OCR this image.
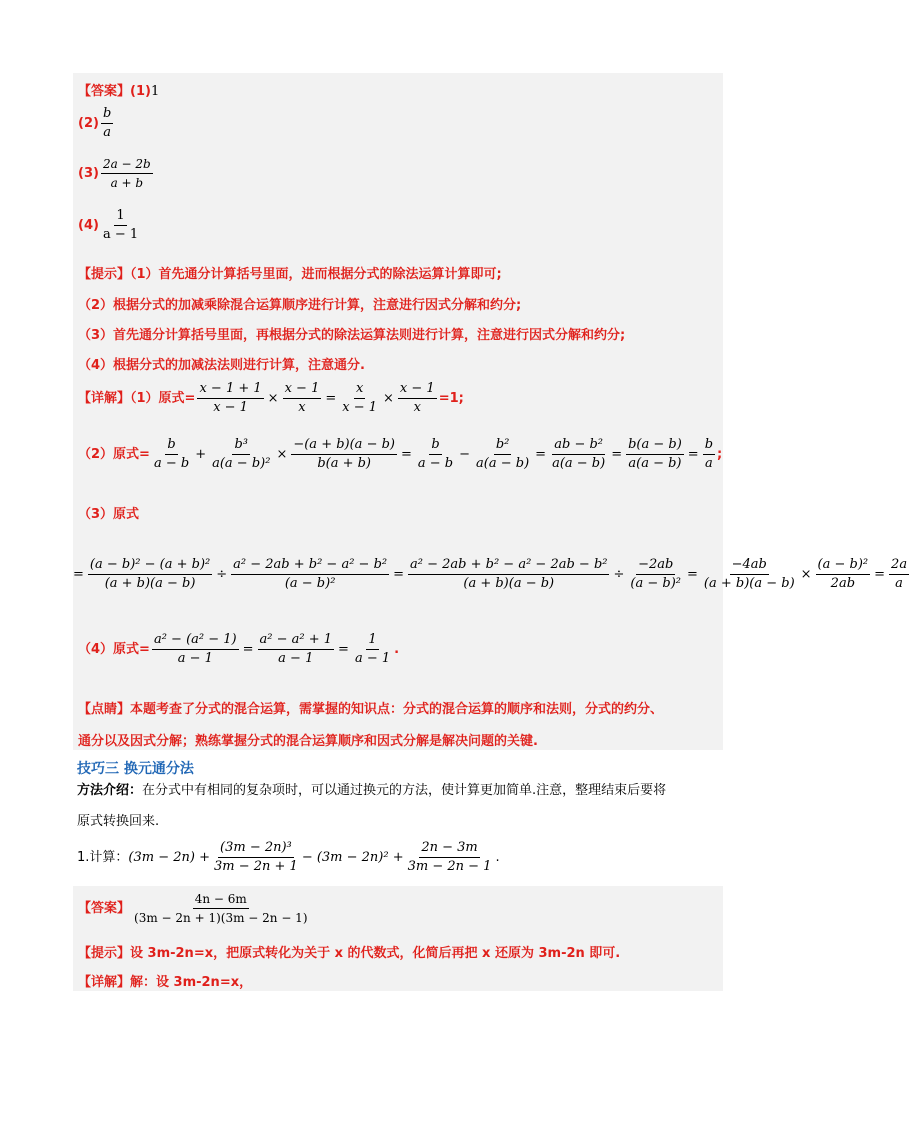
【答案】(1)1
$(2) \frac{b}{a}$
$(3) \frac{2a - 2b}{a + b}$
$(4) \frac{1}{a - 1}$
【提示】（1）首先通分计算括号里面，进而根据分式的除法运算计算即可;
（2）根据分式的加减乘除混合运算顺序进行计算，注意进行因式分解和约分;
（3）首先通分计算括号里面，再根据分式的除法运算法则进行计算，注意进行因式分解和约分;
（4）根据分式的加减法法则进行计算，注意通分.
【详解】（1）原式= $\frac{x - 1 + 1}{x - 1} \times \frac{x - 1}{x} = \frac{x}{x - 1} \times \frac{x - 1}{x} =1$;
（2）原式= $\frac{b}{a - b} + \frac{\text{b³}}{\text{a(a − b)²}} \times \frac{-(a + b)(a - b)}{b(a + b)} = \frac{b}{a - b} - \frac{\text{b²}}{a(a - b)} = \frac{\text{ab − b²}}{a(a - b)} = \frac{b(a - b)}{a(a - b)} = \frac{b}{a}$ ;
（3）原式
= $\frac{\text{(a − b)² − (a + b)²}}{(a + b)(a - b)} \div \frac{\text{a² − 2ab + b² − a² − b²}}{\text{(a − b)²}} = \frac{\text{a² − 2ab + b² − a² − 2ab − b²}}{(a + b)(a - b)} \div \frac{-2ab}{\text{(a − b)²}} = \frac{-4ab}{(a + b)(a - b)} \times \frac{\text{(a − b)²}}{2ab} = \frac{2a}{a}$
（4）原式= $\frac{\text{a² − (a² − 1)}}{a - 1} = \frac{\text{a² − a² + 1}}{a - 1} = \frac{1}{a - 1}$ .
【点睛】本题考查了分式的混合运算，需掌握的知识点：分式的混合运算的顺序和法则，分式的约分、
通分以及因式分解；熟练掌握分式的混合运算顺序和因式分解是解决问题的关键.
技巧三 换元通分法
方法介绍：在分式中有相同的复杂项时，可以通过换元的方法，使计算更加简单.注意，整理结束后要将
原式转换回来.
1.计算：$(3m - 2n) + \frac{\text{(3m − 2n)³}}{3m - 2n + 1} - (3m - 2n)^2 + \frac{2n - 3m}{3m - 2n - 1}$ .
【答案】 $\frac{4n - 6m}{(3m - 2n + 1)(3m - 2n - 1)}$
【提示】设 3m-2n=x，把原式转化为关于 x 的代数式，化简后再把 x 还原为 3m-2n 即可.
【详解】解：设 3m-2n=x，
